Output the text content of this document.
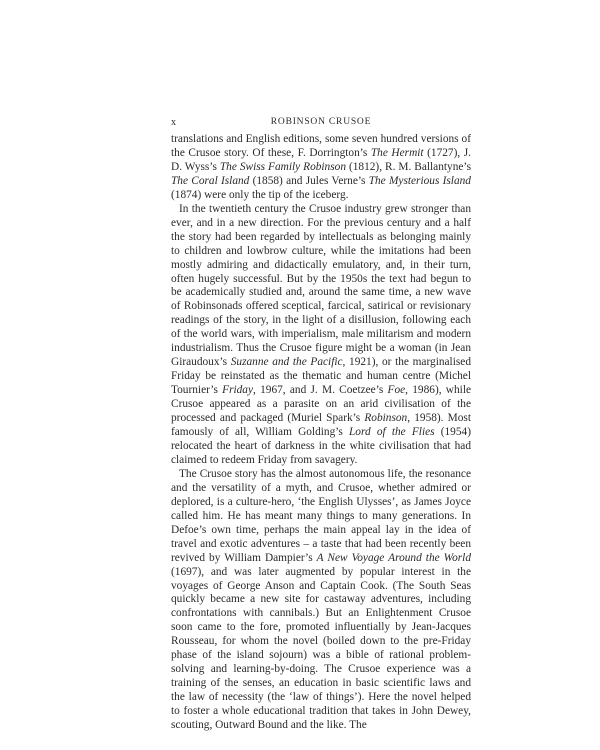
x	ROBINSON CRUSOE

translations and English editions, some seven hundred versions of the Crusoe story. Of these, F. Dorrington’s The Hermit (1727), J. D. Wyss’s The Swiss Family Robinson (1812), R. M. Ballantyne’s The Coral Island (1858) and Jules Verne’s The Mysterious Island (1874) were only the tip of the iceberg.

In the twentieth century the Crusoe industry grew stronger than ever, and in a new direction. For the previous century and a half the story had been regarded by intellectuals as belonging mainly to children and lowbrow culture, while the imitations had been mostly admiring and didactically emulatory, and, in their turn, often hugely successful. But by the 1950s the text had begun to be academically studied and, around the same time, a new wave of Robinsonads offered sceptical, farcical, satirical or revisionary readings of the story, in the light of a disillusion, following each of the world wars, with imperialism, male militarism and modern industrialism. Thus the Crusoe figure might be a woman (in Jean Giraudoux’s Suzanne and the Pacific, 1921), or the marginalised Friday be reinstated as the thematic and human centre (Michel Tournier’s Friday, 1967, and J. M. Coetzee’s Foe, 1986), while Crusoe appeared as a parasite on an arid civilisation of the processed and packaged (Muriel Spark’s Robinson, 1958). Most famously of all, William Golding’s Lord of the Flies (1954) relocated the heart of darkness in the white civilisation that had claimed to redeem Friday from savagery.

The Crusoe story has the almost autonomous life, the resonance and the versatility of a myth, and Crusoe, whether admired or deplored, is a culture-hero, ‘the English Ulysses’, as James Joyce called him. He has meant many things to many generations. In Defoe’s own time, perhaps the main appeal lay in the idea of travel and exotic adventures – a taste that had been recently been revived by William Dampier’s A New Voyage Around the World (1697), and was later augmented by popular interest in the voyages of George Anson and Captain Cook. (The South Seas quickly became a new site for castaway adventures, including confrontations with cannibals.) But an Enlightenment Crusoe soon came to the fore, promoted influentially by Jean-Jacques Rousseau, for whom the novel (boiled down to the pre-Friday phase of the island sojourn) was a bible of rational problem-solving and learning-by-doing. The Crusoe experience was a training of the senses, an education in basic scientific laws and the law of necessity (the ‘law of things’). Here the novel helped to foster a whole educational tradition that takes in John Dewey, scouting, Outward Bound and the like. The
